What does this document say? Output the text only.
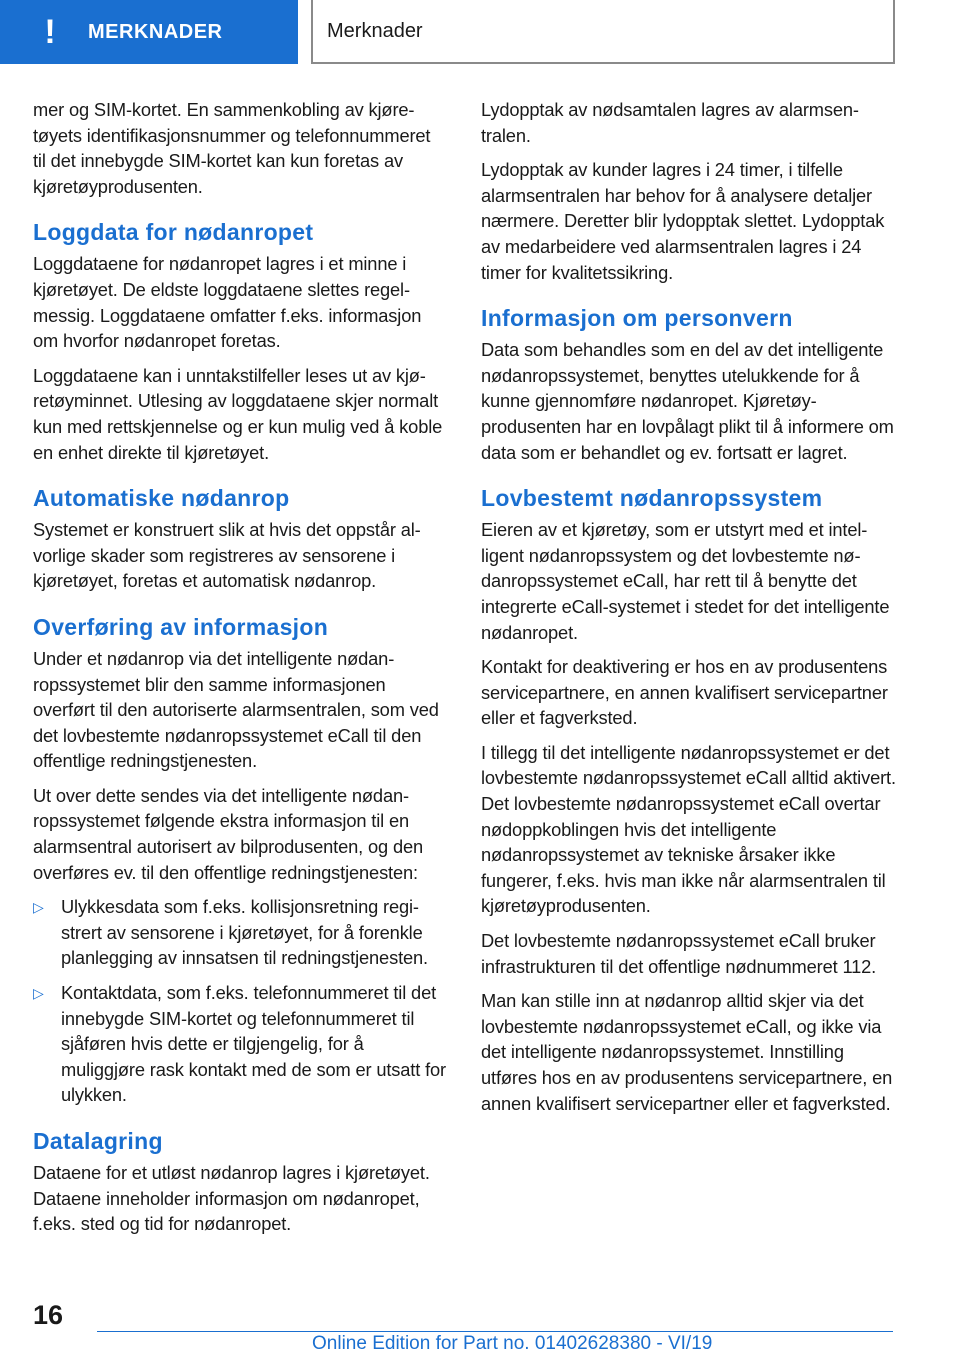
!	MERKNADER	Merknader

mer og SIM-kortet. En sammenkobling av kjøretøyets identifikasjonsnummer og telefonnummeret til det innebygde SIM-kortet kan kun foretas av kjøretøyprodusenten.

Loggdata for nødanropet

Loggdataene for nødanropet lagres i et minne i kjøretøyet. De eldste loggdataene slettes regelmessig. Loggdataene omfatter f.eks. informasjon om hvorfor nødanropet foretas.

Loggdataene kan i unntakstilfeller leses ut av kjøretøyminnet. Utlesing av loggdataene skjer normalt kun med rettskjennelse og er kun mulig ved å koble en enhet direkte til kjøretøyet.

Automatiske nødanrop

Systemet er konstruert slik at hvis det oppstår alvorlige skader som registreres av sensorene i kjøretøyet, foretas et automatisk nødanrop.

Overføring av informasjon

Under et nødanrop via det intelligente nødanropssystemet blir den samme informasjonen overført til den autoriserte alarmsentralen, som ved det lovbestemte nødanropssystemet eCall til den offentlige redningstjenesten.

Ut over dette sendes via det intelligente nødanropssystemet følgende ekstra informasjon til en alarmsentral autorisert av bilprodusenten, og den overføres ev. til den offentlige redningstjenesten:

▷ Ulykkesdata som f.eks. kollisjonsretning registrert av sensorene i kjøretøyet, for å forenkle planlegging av innsatsen til redningstjenesten.
▷ Kontaktdata, som f.eks. telefonnummeret til det innebygde SIM-kortet og telefonnummeret til sjåføren hvis dette er tilgjengelig, for å muliggjøre rask kontakt med de som er utsatt for ulykken.
Datalagring

Dataene for et utløst nødanrop lagres i kjøretøyet. Dataene inneholder informasjon om nødanropet, f.eks. sted og tid for nødanropet.

Lydopptak av nødsamtalen lagres av alarmsentralen.

Lydopptak av kunder lagres i 24 timer, i tilfelle alarmsentralen har behov for å analysere detaljer nærmere. Deretter blir lydopptak slettet. Lydopptak av medarbeidere ved alarmsentralen lagres i 24 timer for kvalitetssikring.

Informasjon om personvern

Data som behandles som en del av det intelligente nødanropssystemet, benyttes utelukkende for å kunne gjennomføre nødanropet. Kjøretøyprodusenten har en lovpålagt plikt til å informere om data som er behandlet og ev. fortsatt er lagret.

Lovbestemt nødanropssystem

Eieren av et kjøretøy, som er utstyrt med et intelligent nødanropssystem og det lovbestemte nødanropssystemet eCall, har rett til å benytte det integrerte eCall-systemet i stedet for det intelligente nødanropet.

Kontakt for deaktivering er hos en av produsentens servicepartnere, en annen kvalifisert servicepartner eller et fagverksted.

I tillegg til det intelligente nødanropssystemet er det lovbestemte nødanropssystemet eCall alltid aktivert. Det lovbestemte nødanropssystemet eCall overtar nødoppkoblingen hvis det intelligente nødanropssystemet av tekniske årsaker ikke fungerer, f.eks. hvis man ikke når alarmsentralen til kjøretøyprodusenten.

Det lovbestemte nødanropssystemet eCall bruker infrastrukturen til det offentlige nødnummeret 112.

Man kan stille inn at nødanrop alltid skjer via det lovbestemte nødanropssystemet eCall, og ikke via det intelligente nødanropssystemet. Innstilling utføres hos en av produsentens servicepartnere, en annen kvalifisert servicepartner eller et fagverksted.

16
Online Edition for Part no. 01402628380 - VI/19
